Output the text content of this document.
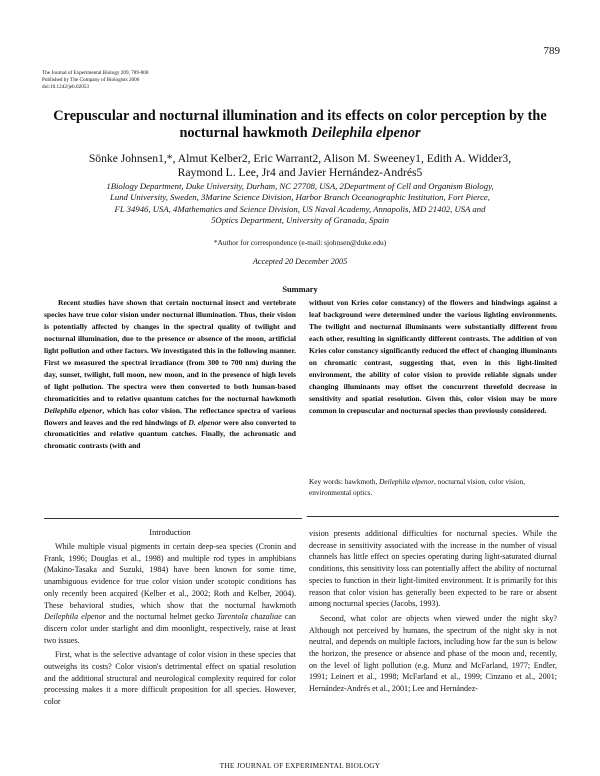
789
The Journal of Experimental Biology 209, 789-800
Published by The Company of Biologists 2006
doi:10.1242/jeb.02053
Crepuscular and nocturnal illumination and its effects on color perception by the nocturnal hawkmoth Deilephila elpenor
Sönke Johnsen1,*, Almut Kelber2, Eric Warrant2, Alison M. Sweeney1, Edith A. Widder3,
Raymond L. Lee, Jr4 and Javier Hernández-Andrés5
1Biology Department, Duke University, Durham, NC 27708, USA, 2Department of Cell and Organism Biology,
Lund University, Sweden, 3Marine Science Division, Harbor Branch Oceanographic Institution, Fort Pierce,
FL 34946, USA, 4Mathematics and Science Division, US Naval Academy, Annapolis, MD 21402, USA and
5Optics Department, University of Granada, Spain
*Author for correspondence (e-mail: sjohnsen@duke.edu)
Accepted 20 December 2005
Summary
Recent studies have shown that certain nocturnal insect and vertebrate species have true color vision under nocturnal illumination. Thus, their vision is potentially affected by changes in the spectral quality of twilight and nocturnal illumination, due to the presence or absence of the moon, artificial light pollution and other factors. We investigated this in the following manner. First we measured the spectral irradiance (from 300 to 700 nm) during the day, sunset, twilight, full moon, new moon, and in the presence of high levels of light pollution. The spectra were then converted to both human-based chromaticities and to relative quantum catches for the nocturnal hawkmoth Deilephila elpenor, which has color vision. The reflectance spectra of various flowers and leaves and the red hindwings of D. elpenor were also converted to chromaticities and relative quantum catches. Finally, the achromatic and chromatic contrasts (with and
without von Kries color constancy) of the flowers and hindwings against a leaf background were determined under the various lighting environments. The twilight and nocturnal illuminants were substantially different from each other, resulting in significantly different contrasts. The addition of von Kries color constancy significantly reduced the effect of changing illuminants on chromatic contrast, suggesting that, even in this light-limited environment, the ability of color vision to provide reliable signals under changing illuminants may offset the concurrent threefold decrease in sensitivity and spatial resolution. Given this, color vision may be more common in crepuscular and nocturnal species than previously considered.
Key words: hawkmoth, Deilephila elpenor, nocturnal vision, color vision, environmental optics.
Introduction

While multiple visual pigments in certain deep-sea species (Cronin and Frank, 1996; Douglas et al., 1998) and multiple rod types in amphibians (Makino-Tasaka and Suzuki, 1984) have been known for some time, unambiguous evidence for true color vision under scotopic conditions has only recently been acquired (Kelber et al., 2002; Roth and Kelber, 2004). These behavioral studies, which show that the nocturnal hawkmoth Deilephila elpenor and the nocturnal helmet gecko Tarentola chazaliae can discern color under starlight and dim moonlight, respectively, raise at least two issues.

First, what is the selective advantage of color vision in these species that outweighs its costs? Color vision's detrimental effect on spatial resolution and the additional structural and neurological complexity required for color processing makes it a more difficult proposition for all species. However, color

vision presents additional difficulties for nocturnal species. While the decrease in sensitivity associated with the increase in the number of visual channels has little effect on species operating during light-saturated diurnal conditions, this sensitivity loss can potentially affect the ability of nocturnal species to function in their light-limited environment. It is primarily for this reason that color vision has generally been expected to be rare or absent among nocturnal species (Jacobs, 1993).

Second, what color are objects when viewed under the night sky? Although not perceived by humans, the spectrum of the night sky is not neutral, and depends on multiple factors, including how far the sun is below the horizon, the presence or absence and phase of the moon and, recently, on the level of light pollution (e.g. Munz and McFarland, 1977; Endler, 1991; Leinert et al., 1998; McFarland et al., 1999; Cinzano et al., 2001; Hernández-Andrés et al., 2001; Lee and Hernández-

THE JOURNAL OF EXPERIMENTAL BIOLOGY
